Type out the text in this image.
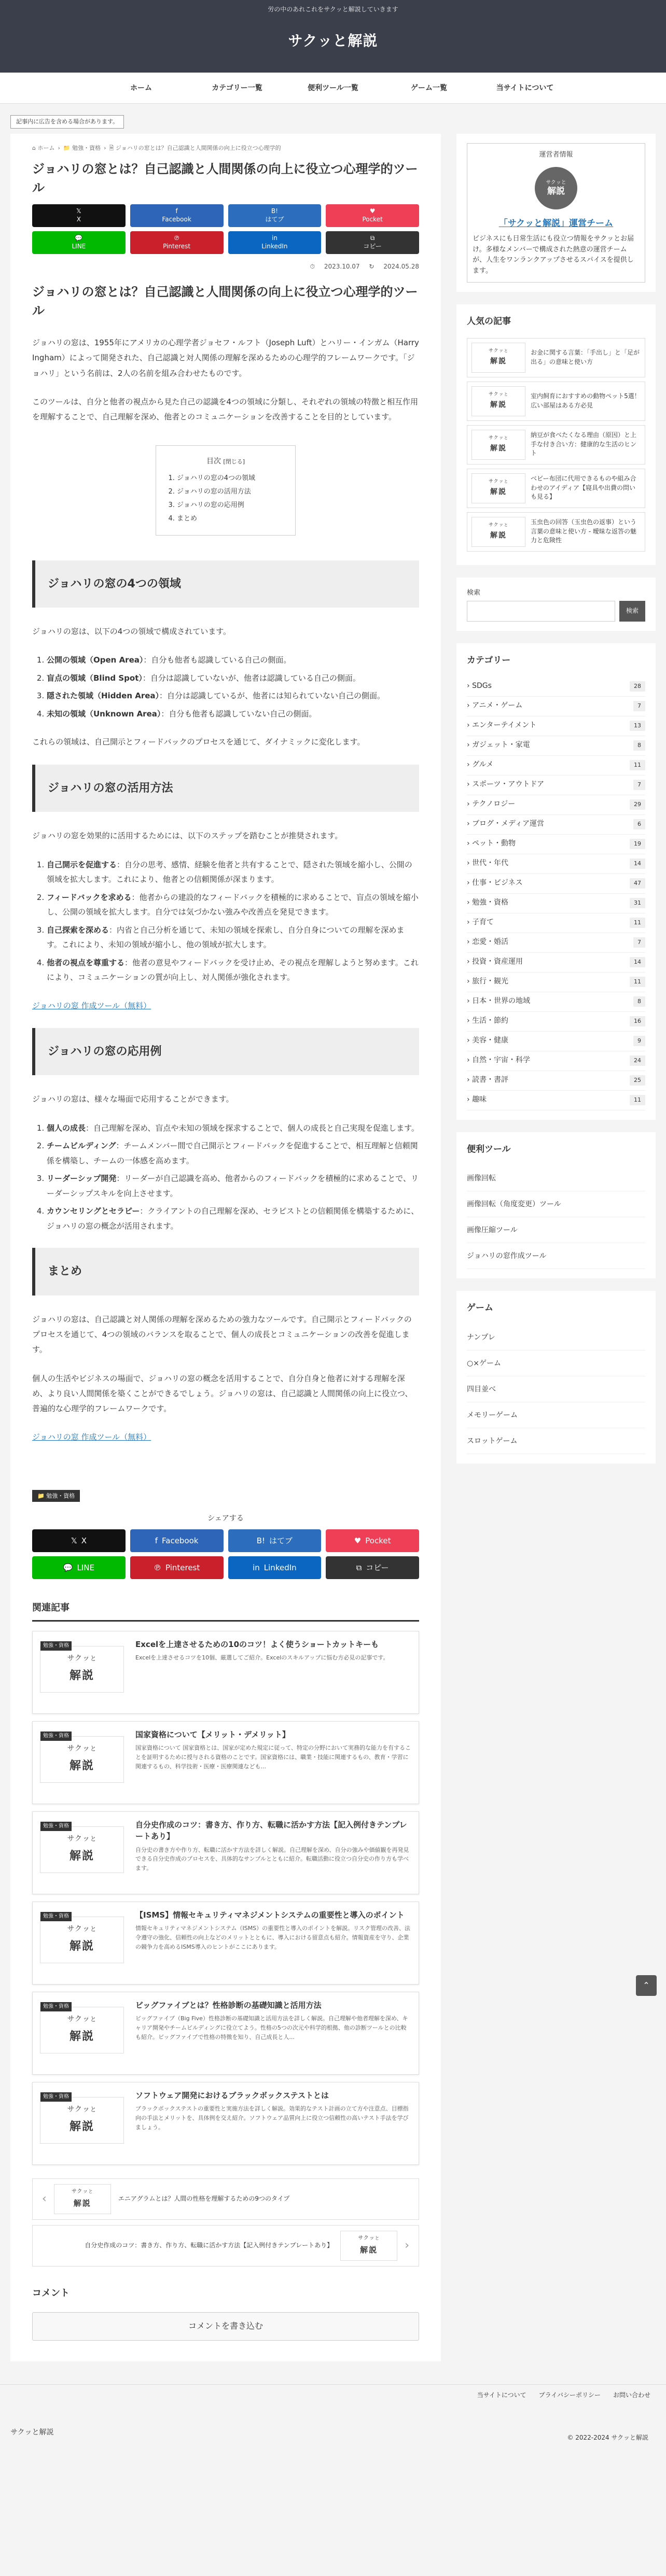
労の中のあれこれをサクッと解説していきます
サクッと解説
ホーム	カテゴリー一覧	便利ツール一覧	ゲーム一覧	当サイトについて
記事内に広告を含める場合があります。
⌂ ホーム › 📁 勉強・資格 › 🗎 ジョハリの窓とは？自己認識と人間関係の向上に役立つ心理学的
ジョハリの窓とは？自己認識と人間関係の向上に役立つ心理学的ツール
𝕏
X
f
Facebook
B!
はてブ
♥
Pocket
💬
LINE
℗
Pinterest
in
LinkedIn
⧉
コピー
⏱ 2023.10.07 ↻ 2024.05.28
ジョハリの窓とは？自己認識と人間関係の向上に役立つ心理学的ツール

ジョハリの窓は、1955年にアメリカの心理学者ジョセフ・ルフト（Joseph Luft）とハリー・インガム（Harry Ingham）によって開発された、自己認識と対人関係の理解を深めるための心理学的フレームワークです。「ジョハリ」という名前は、2人の名前を組み合わせたものです。

このツールは、自分と他者の視点から見た自己の認識を4つの領域に分類し、それぞれの領域の特徴と相互作用を理解することで、自己理解を深め、他者とのコミュニケーションを改善することを目的としています。

目次 [閉じる]
1. ジョハリの窓の4つの領域
2. ジョハリの窓の活用方法
3. ジョハリの窓の応用例
4. まとめ
ジョハリの窓の4つの領域

ジョハリの窓は、以下の4つの領域で構成されています。

1. 公開の領域（Open Area）：自分も他者も認識している自己の側面。
2. 盲点の領域（Blind Spot）：自分は認識していないが、他者は認識している自己の側面。
3. 隠された領域（Hidden Area）：自分は認識しているが、他者には知られていない自己の側面。
4. 未知の領域（Unknown Area）：自分も他者も認識していない自己の側面。

これらの領域は、自己開示とフィードバックのプロセスを通じて、ダイナミックに変化します。

ジョハリの窓の活用方法

ジョハリの窓を効果的に活用するためには、以下のステップを踏むことが推奨されます。

1. 自己開示を促進する：自分の思考、感情、経験を他者と共有することで、隠された領域を縮小し、公開の領域を拡大します。これにより、他者との信頼関係が深まります。
2. フィードバックを求める：他者からの建設的なフィードバックを積極的に求めることで、盲点の領域を縮小し、公開の領域を拡大します。自分では気づかない強みや改善点を発見できます。
3. 自己探索を深める：内省と自己分析を通じて、未知の領域を探索し、自分自身についての理解を深めます。これにより、未知の領域が縮小し、他の領域が拡大します。
4. 他者の視点を尊重する：他者の意見やフィードバックを受け止め、その視点を理解しようと努めます。これにより、コミュニケーションの質が向上し、対人関係が強化されます。

ジョハリの窓 作成ツール（無料）

ジョハリの窓の応用例

ジョハリの窓は、様々な場面で応用することができます。

1. 個人の成長：自己理解を深め、盲点や未知の領域を探求することで、個人の成長と自己実現を促進します。
2. チームビルディング：チームメンバー間で自己開示とフィードバックを促進することで、相互理解と信頼関係を構築し、チームの一体感を高めます。
3. リーダーシップ開発：リーダーが自己認識を高め、他者からのフィードバックを積極的に求めることで、リーダーシップスキルを向上させます。
4. カウンセリングとセラピー：クライアントの自己理解を深め、セラピストとの信頼関係を構築するために、ジョハリの窓の概念が活用されます。
まとめ

ジョハリの窓は、自己認識と対人関係の理解を深めるための強力なツールです。自己開示とフィードバックのプロセスを通じて、4つの領域のバランスを取ることで、個人の成長とコミュニケーションの改善を促進します。

個人の生活やビジネスの場面で、ジョハリの窓の概念を活用することで、自分自身と他者に対する理解を深め、より良い人間関係を築くことができるでしょう。ジョハリの窓は、自己認識と人間関係の向上に役立つ、普遍的な心理学的フレームワークです。

ジョハリの窓 作成ツール（無料）

📁 勉強・資格
シェアする
𝕏 X	f Facebook	B! はてブ	♥ Pocket
💬 LINE	℗ Pinterest	in LinkedIn	⧉ コピー
関連記事
勉強・資格
サクッと
解説
Excelを上達させるための10のコツ！よく使うショートカットキーも

Excelを上達させるコツを10個、厳選してご紹介。Excelのスキルアップに悩む方必見の記事です。

勉強・資格
サクッと
解説
国家資格について【メリット・デメリット】

国家資格について 国家資格とは、国家が定めた規定に従って、特定の分野において実務的な能力を有することを証明するために授与される資格のことです。国家資格には、職業・技能に関連するもの、教育・学習に関連するもの、科学技術・医療・医療関連なども...

勉強・資格
サクッと
解説
自分史作成のコツ：書き方、作り方、転職に活かす方法【記入例付きテンプレートあり】

自分史の書き方や作り方、転職に活かす方法を詳しく解説。自己理解を深め、自分の強みや価値観を再発見できる自分史作成のプロセスを、具体的なサンプルとともに紹介。転職活動に役立つ自分史の作り方も学べます。

勉強・資格
サクッと
解説
【ISMS】情報セキュリティマネジメントシステムの重要性と導入のポイント

情報セキュリティマネジメントシステム（ISMS）の重要性と導入のポイントを解説。リスク管理の改善、法令遵守の強化、信頼性の向上などのメリットとともに、導入における留意点も紹介。情報資産を守り、企業の競争力を高めるISMS導入のヒントがここにあります。

勉強・資格
サクッと
解説
ビッグファイブとは？性格診断の基礎知識と活用方法

ビッグファイブ（Big Five）性格診断の基礎知識と活用方法を詳しく解説。自己理解や他者理解を深め、キャリア開発やチームビルディングに役立てよう。性格の5つの次元や科学的根拠、他の診断ツールとの比較も紹介。ビッグファイブで性格の特徴を知り、自己成長と人...

勉強・資格
サクッと
解説
ソフトウェア開発におけるブラックボックステストとは

ブラックボックステストの重要性と実施方法を詳しく解説。効果的なテスト計画の立て方や注意点、目標指向の手法とメリットを、具体例を交え紹介。ソフトウェア品質向上に役立つ信頼性の高いテスト手法を学びましょう。

‹
サクッと
解説
エニアグラムとは？人間の性格を理解するための9つのタイプ
自分史作成のコツ：書き方、作り方、転職に活かす方法【記入例付きテンプレートあり】
サクッと
解説 ›
コメント
コメントを書き込む
運営者情報
サクッと
解説
「サクッと解説」運営チーム
ビジネスにも日常生活にも役立つ情報をサクッとお届け。多様なメンバーで構成された熱意の運営チームが、人生をワンランクアップさせるスパイスを提供します。
人気の記事
サクッと
解説

お金に関する言葉：「手出し」と「足が出る」の意味と使い方

サクッと
解説

室内飼育におすすめの動物ペット5選！広い部屋はある方必見

サクッと
解説

納豆が食べたくなる理由（原因）と上手な付き合い方：健康的な生活のヒント

サクッと
解説

ベビー布団に代用できるものや組み合わせのアイディア【寝具や出費の問いも見る】

サクッと
解説

玉虫色の回答（玉虫色の返事）という言葉の意味と使い方 - 曖昧な返答の魅力と危険性

検索
検索
カテゴリー
› SDGs	28
› アニメ・ゲーム	7
› エンターテイメント	13
› ガジェット・家電	8
› グルメ	11
› スポーツ・アウトドア	7
› テクノロジー	29
› ブログ・メディア運営	6
› ペット・動物	19
› 世代・年代	14
› 仕事・ビジネス	47
› 勉強・資格	31
› 子育て	11
› 恋愛・婚活	7
› 投資・資産運用	14
› 旅行・観光	11
› 日本・世界の地域	8
› 生活・節約	16
› 美容・健康	9
› 自然・宇宙・科学	24
› 読書・書評	25
› 趣味	11
便利ツール
画像回転
画像回転（角度変更）ツール
画像圧縮ツール
ジョハリの窓作成ツール
ゲーム
ナンプレ
○×ゲーム
四目並べ
メモリーゲーム
スロットゲーム
当サイトについて プライバシーポリシー お問い合わせ
サクッと解説
© 2022-2024 サクッと解説
⌃
